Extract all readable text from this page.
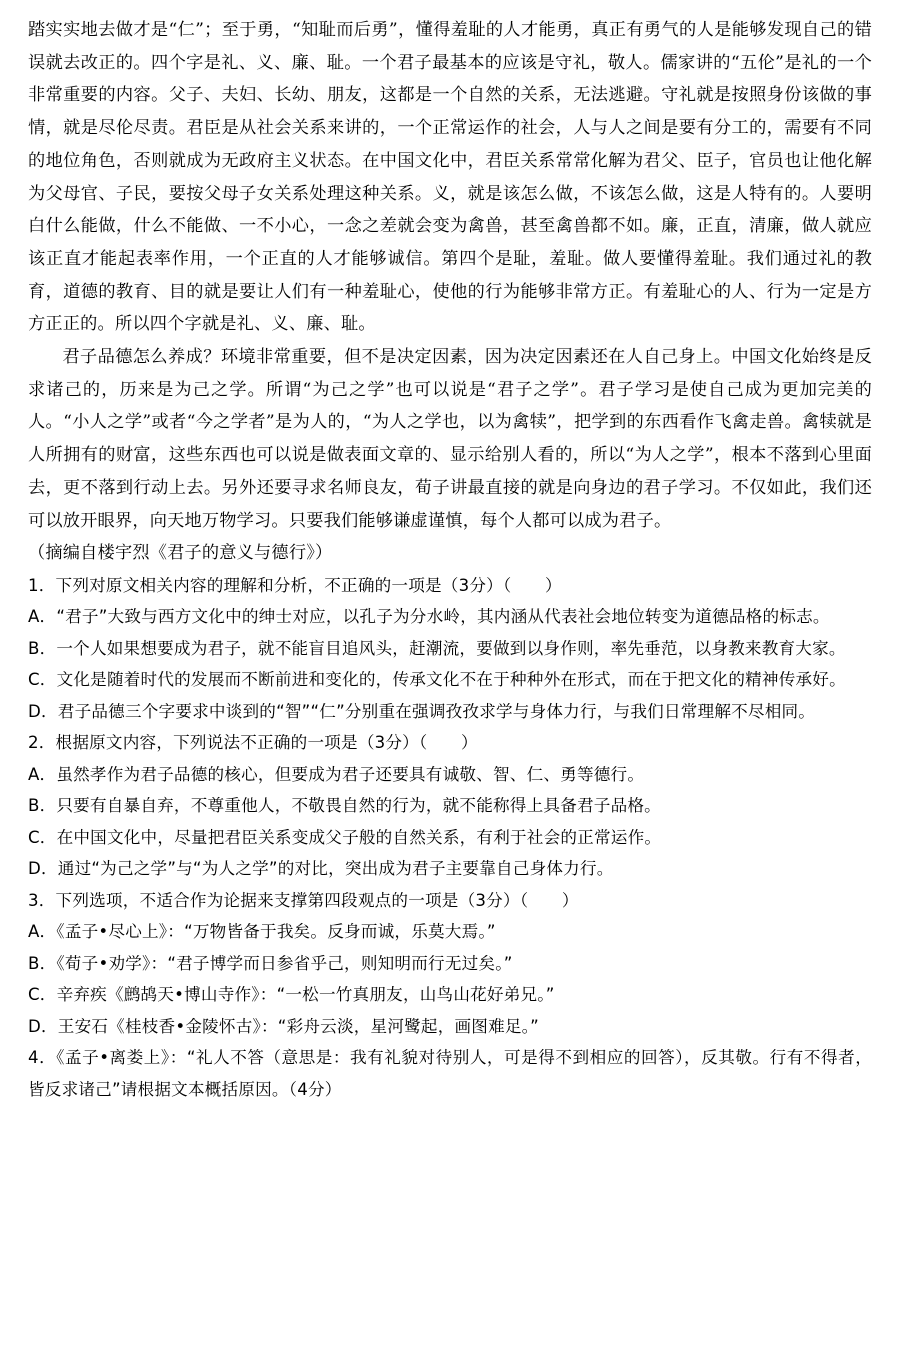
踏实实地去做才是“仁”；至于勇，“知耻而后勇”，懂得羞耻的人才能勇，真正有勇气的人是能够发现自己的错误就去改正的。四个字是礼、义、廉、耻。一个君子最基本的应该是守礼，敬人。儒家讲的“五伦”是礼的一个非常重要的内容。父子、夫妇、长幼、朋友，这都是一个自然的关系，无法逃避。守礼就是按照身份该做的事情，就是尽伦尽责。君臣是从社会关系来讲的，一个正常运作的社会，人与人之间是要有分工的，需要有不同的地位角色，否则就成为无政府主义状态。在中国文化中，君臣关系常常化解为君父、臣子，官员也让他化解为父母官、子民，要按父母子女关系处理这种关系。义，就是该怎么做，不该怎么做，这是人特有的。人要明白什么能做，什么不能做、一不小心，一念之差就会变为禽兽，甚至禽兽都不如。廉，正直，清廉，做人就应该正直才能起表率作用，一个正直的人才能够诚信。第四个是耻，羞耻。做人要懂得羞耻。我们通过礼的教育，道德的教育、目的就是要让人们有一种羞耻心，使他的行为能够非常方正。有羞耻心的人、行为一定是方方正正的。所以四个字就是礼、义、廉、耻。

君子品德怎么养成？环境非常重要，但不是决定因素，因为决定因素还在人自己身上。中国文化始终是反求诸己的，历来是为己之学。所谓“为己之学”也可以说是“君子之学”。君子学习是使自己成为更加完美的人。“小人之学”或者“今之学者”是为人的，“为人之学也，以为禽犊”，把学到的东西看作飞禽走兽。禽犊就是人所拥有的财富，这些东西也可以说是做表面文章的、显示给别人看的，所以“为人之学”，根本不落到心里面去，更不落到行动上去。另外还要寻求名师良友，荀子讲最直接的就是向身边的君子学习。不仅如此，我们还可以放开眼界，向天地万物学习。只要我们能够谦虚谨慎，每个人都可以成为君子。

（摘编自楼宇烈《君子的意义与德行》）

1．下列对原文相关内容的理解和分析，不正确的一项是（3分）（　　）

A．“君子”大致与西方文化中的绅士对应，以孔子为分水岭，其内涵从代表社会地位转变为道德品格的标志。

B．一个人如果想要成为君子，就不能盲目追风头，赶潮流，要做到以身作则，率先垂范，以身教来教育大家。

C．文化是随着时代的发展而不断前进和变化的，传承文化不在于种种外在形式，而在于把文化的精神传承好。

D．君子品德三个字要求中谈到的“智”“仁”分别重在强调孜孜求学与身体力行，与我们日常理解不尽相同。

2．根据原文内容，下列说法不正确的一项是（3分）（　　）

A．虽然孝作为君子品德的核心，但要成为君子还要具有诚敬、智、仁、勇等德行。

B．只要有自暴自弃，不尊重他人，不敬畏自然的行为，就不能称得上具备君子品格。

C．在中国文化中，尽量把君臣关系变成父子般的自然关系，有利于社会的正常运作。

D．通过“为己之学”与“为人之学”的对比，突出成为君子主要靠自己身体力行。

3．下列选项，不适合作为论据来支撑第四段观点的一项是（3分）（　　）

A．《孟子•尽心上》：“万物皆备于我矣。反身而诚，乐莫大焉。”

B．《荀子•劝学》：“君子博学而日参省乎己，则知明而行无过矣。”

C．辛弃疾《鹧鸪天•博山寺作》：“一松一竹真朋友，山鸟山花好弟兄。”

D．王安石《桂枝香•金陵怀古》：“彩舟云淡，星河鹭起，画图难足。”

4．《孟子•离娄上》：“礼人不答（意思是：我有礼貌对待别人，可是得不到相应的回答），反其敬。行有不得者，皆反求诸己”请根据文本概括原因。（4分）
